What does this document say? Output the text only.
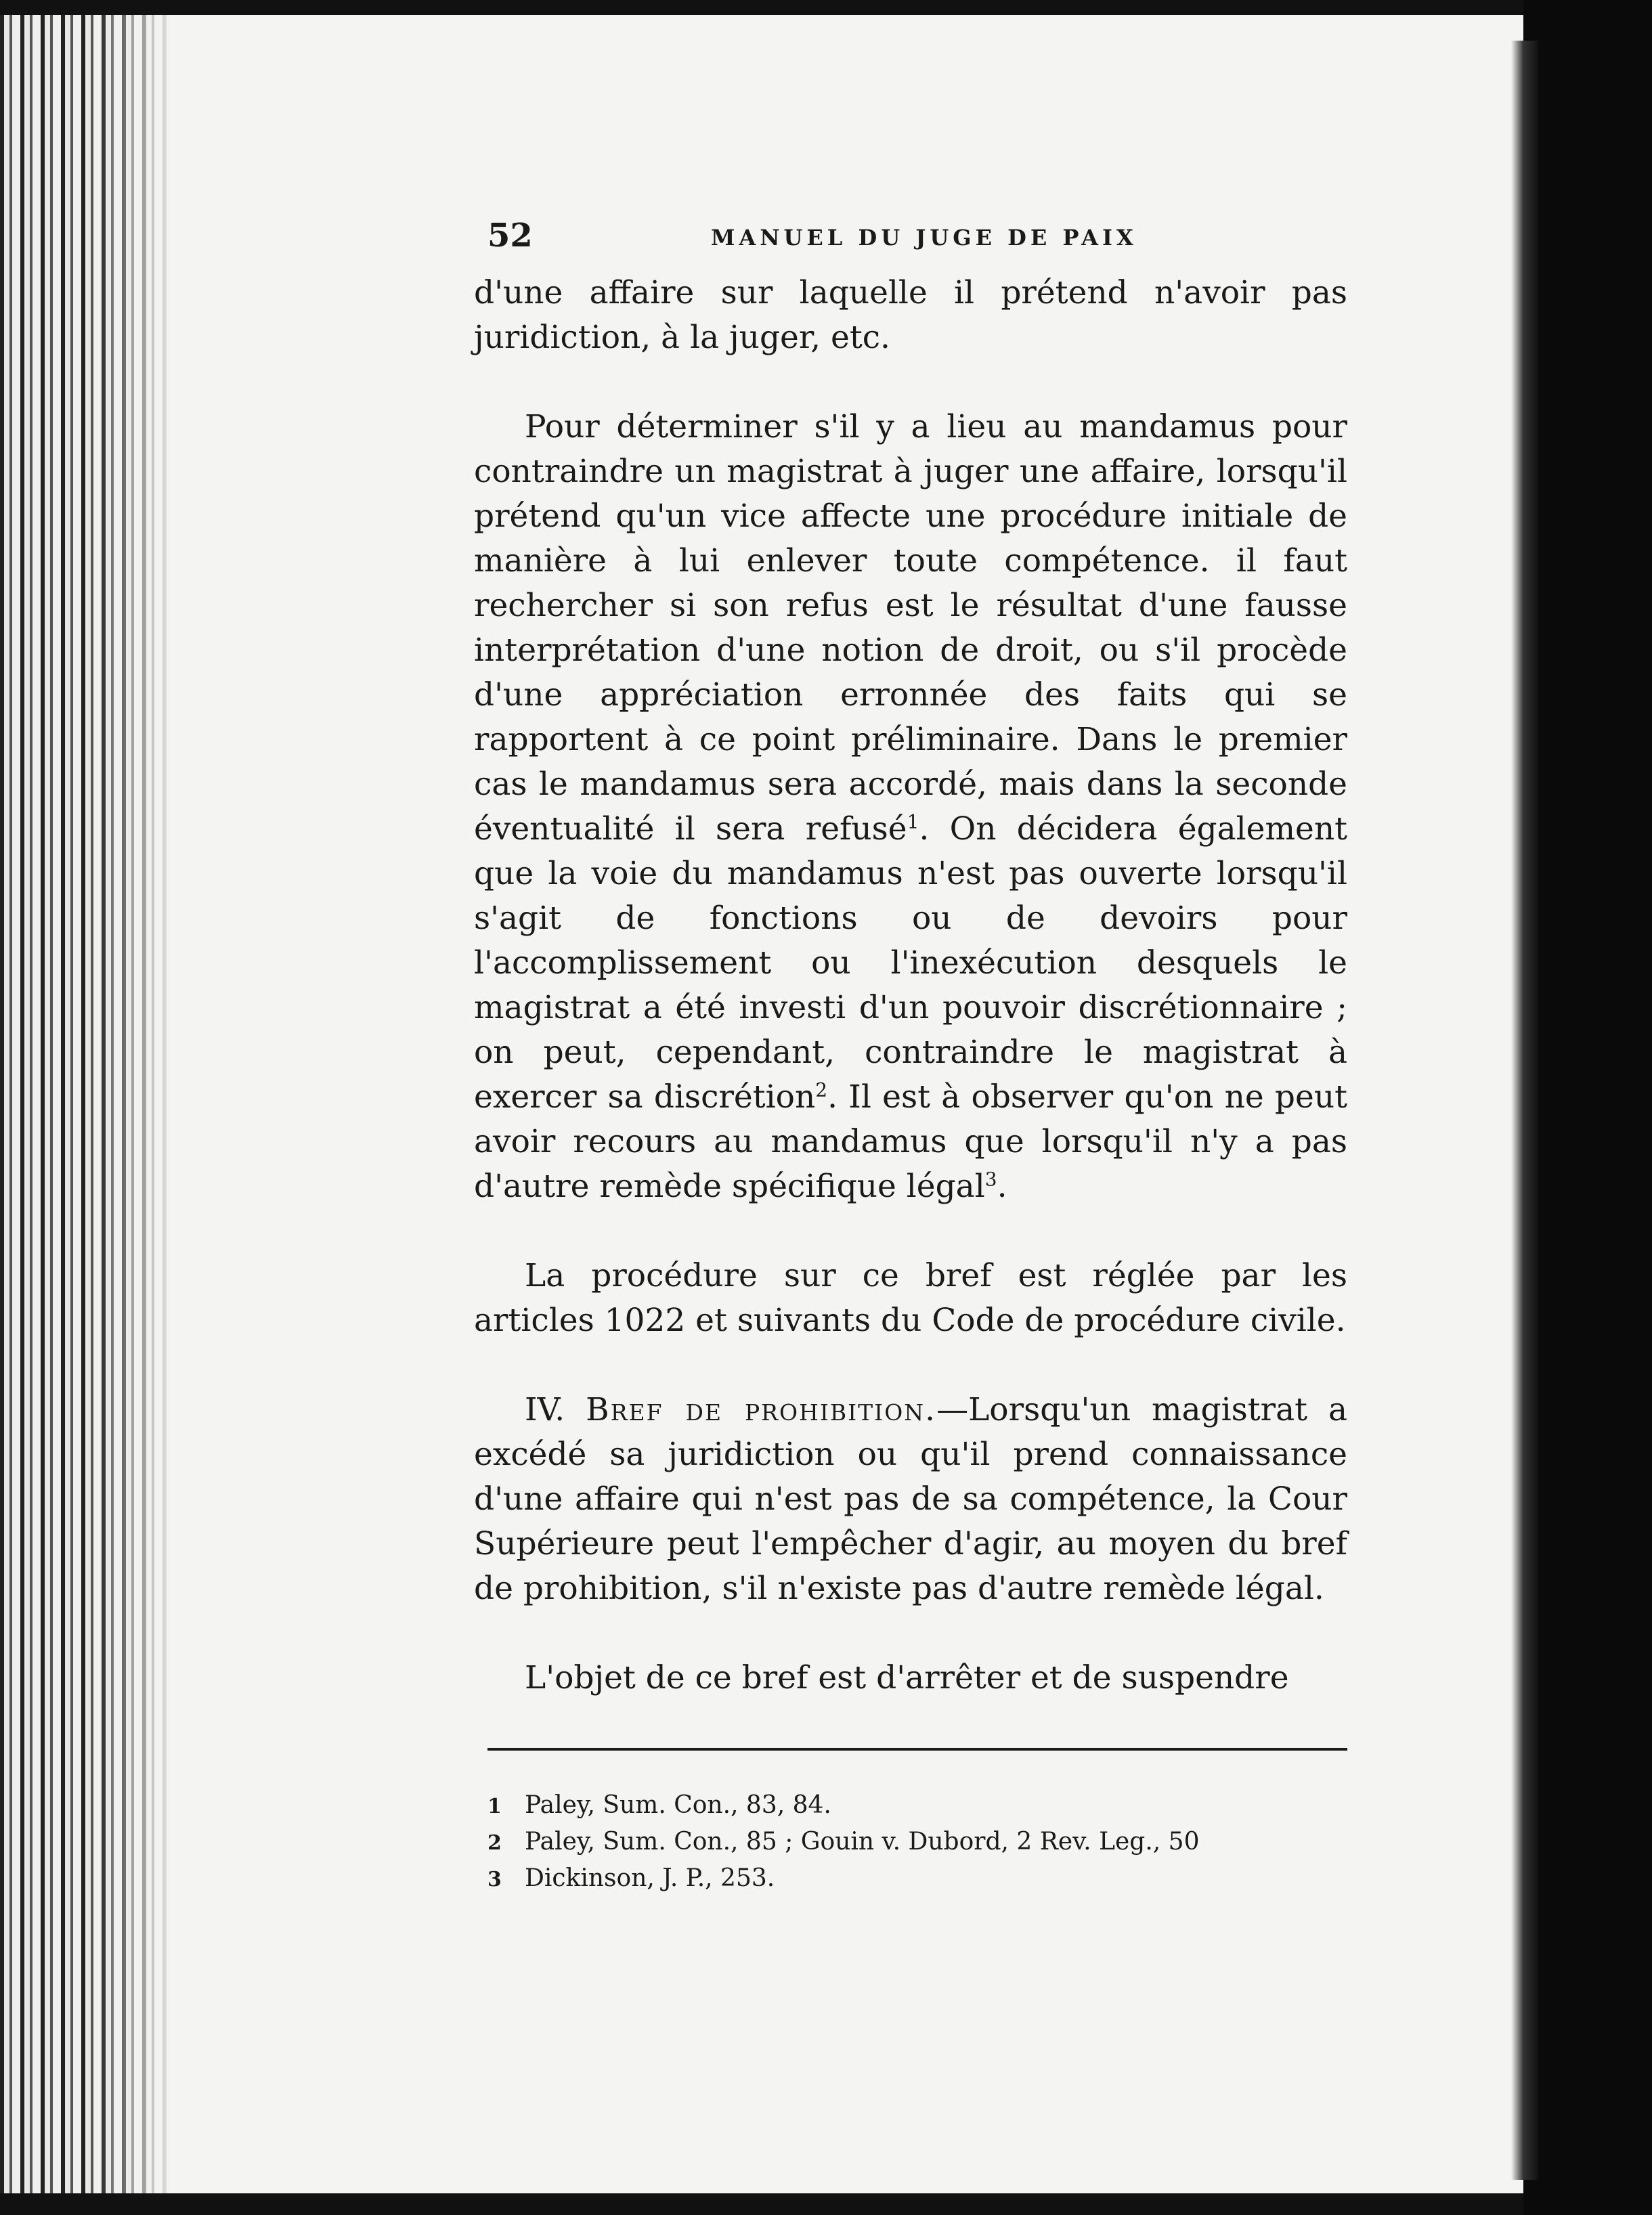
52	MANUEL DU JUGE DE PAIX

d'une affaire sur laquelle il prétend n'avoir pas juridiction, à la juger, etc.

Pour déterminer s'il y a lieu au mandamus pour contraindre un magistrat à juger une affaire, lorsqu'il prétend qu'un vice affecte une procédure initiale de manière à lui enlever toute compétence. il faut rechercher si son refus est le résultat d'une fausse interprétation d'une notion de droit, ou s'il procède d'une appréciation erronnée des faits qui se rapportent à ce point préliminaire. Dans le premier cas le mandamus sera accordé, mais dans la seconde éventualité il sera refusé$^1$. On décidera également que la voie du mandamus n'est pas ouverte lorsqu'il s'agit de fonctions ou de devoirs pour l'accomplissement ou l'inexécution desquels le magistrat a été investi d'un pouvoir discrétionnaire ; on peut, cependant, contraindre le magistrat à exercer sa discrétion$^2$. Il est à observer qu'on ne peut avoir recours au mandamus que lorsqu'il n'y a pas d'autre remède spécifique légal$^3$.

La procédure sur ce bref est réglée par les articles 1022 et suivants du Code de procédure civile.

IV. Bref de prohibition.—Lorsqu'un magistrat a excédé sa juridiction ou qu'il prend connaissance d'une affaire qui n'est pas de sa compétence, la Cour Supérieure peut l'empêcher d'agir, au moyen du bref de prohibition, s'il n'existe pas d'autre remède légal.

L'objet de ce bref est d'arrêter et de suspendre

1 Paley, Sum. Con., 83, 84.
2 Paley, Sum. Con., 85 ; Gouin v. Dubord, 2 Rev. Leg., 50
3 Dickinson, J. P., 253.
